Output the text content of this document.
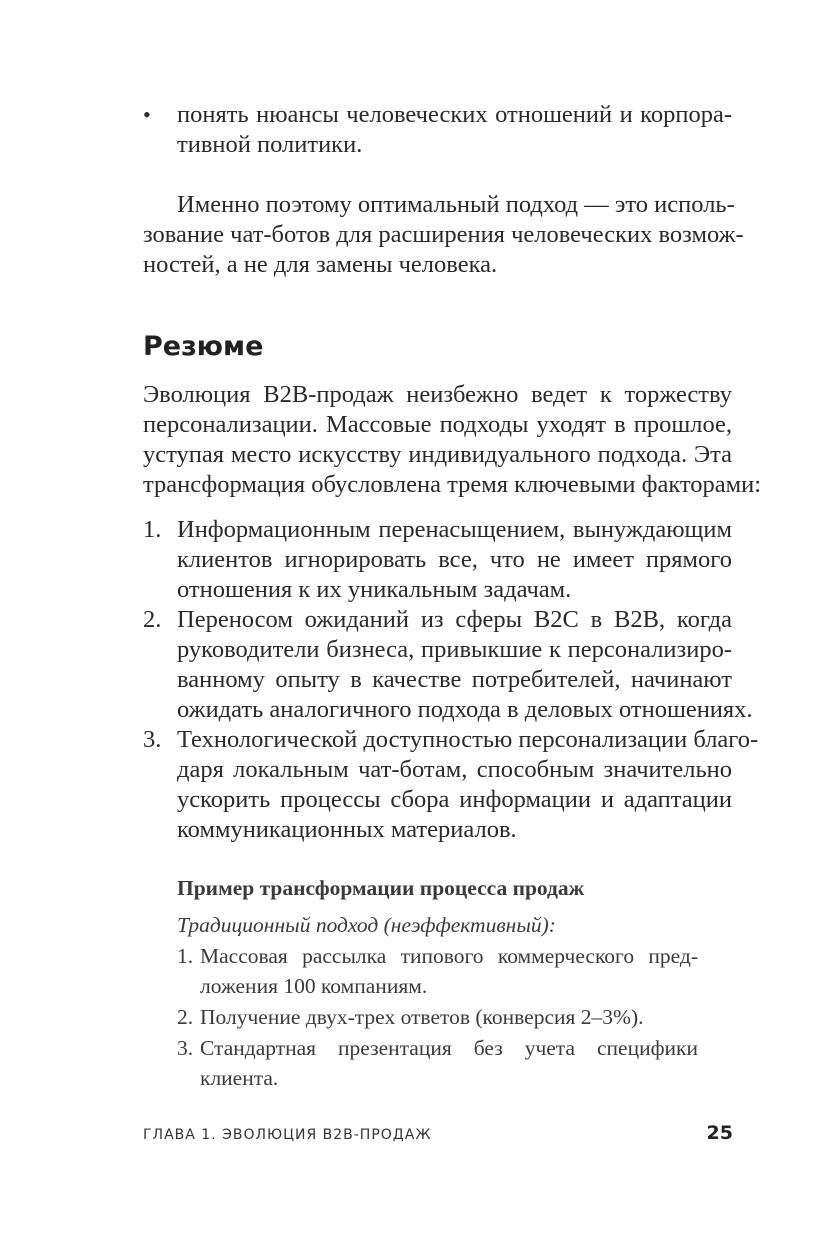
• понять нюансы человеческих отношений и корпора-
тивной политики.
Именно поэтому оптимальный подход — это исполь-
зование чат-ботов для расширения человеческих возмож-
ностей, а не для замены человека.
Резюме
Эволюция B2B-продаж неизбежно ведет к торжеству
персонализации. Массовые подходы уходят в прошлое,
уступая место искусству индивидуального подхода. Эта
трансформация обусловлена тремя ключевыми факторами:
1. Информационным перенасыщением, вынуждающим
клиентов игнорировать все, что не имеет прямого
отношения к их уникальным задачам.
2. Переносом ожиданий из сферы B2C в B2B, когда
руководители бизнеса, привыкшие к персонализиро-
ванному опыту в качестве потребителей, начинают
ожидать аналогичного подхода в деловых отношениях.
3. Технологической доступностью персонализации благо-
даря локальным чат-ботам, способным значительно
ускорить процессы сбора информации и адаптации
коммуникационных материалов.
Пример трансформации процесса продаж
Традиционный подход (неэффективный):
1. Массовая рассылка типового коммерческого пред-
ложения 100 компаниям.
2. Получение двух-трех ответов (конверсия 2–3%).
3. Стандартная презентация без учета специфики
клиента.
ГЛАВА 1. ЭВОЛЮЦИЯ B2B-ПРОДАЖ	25
